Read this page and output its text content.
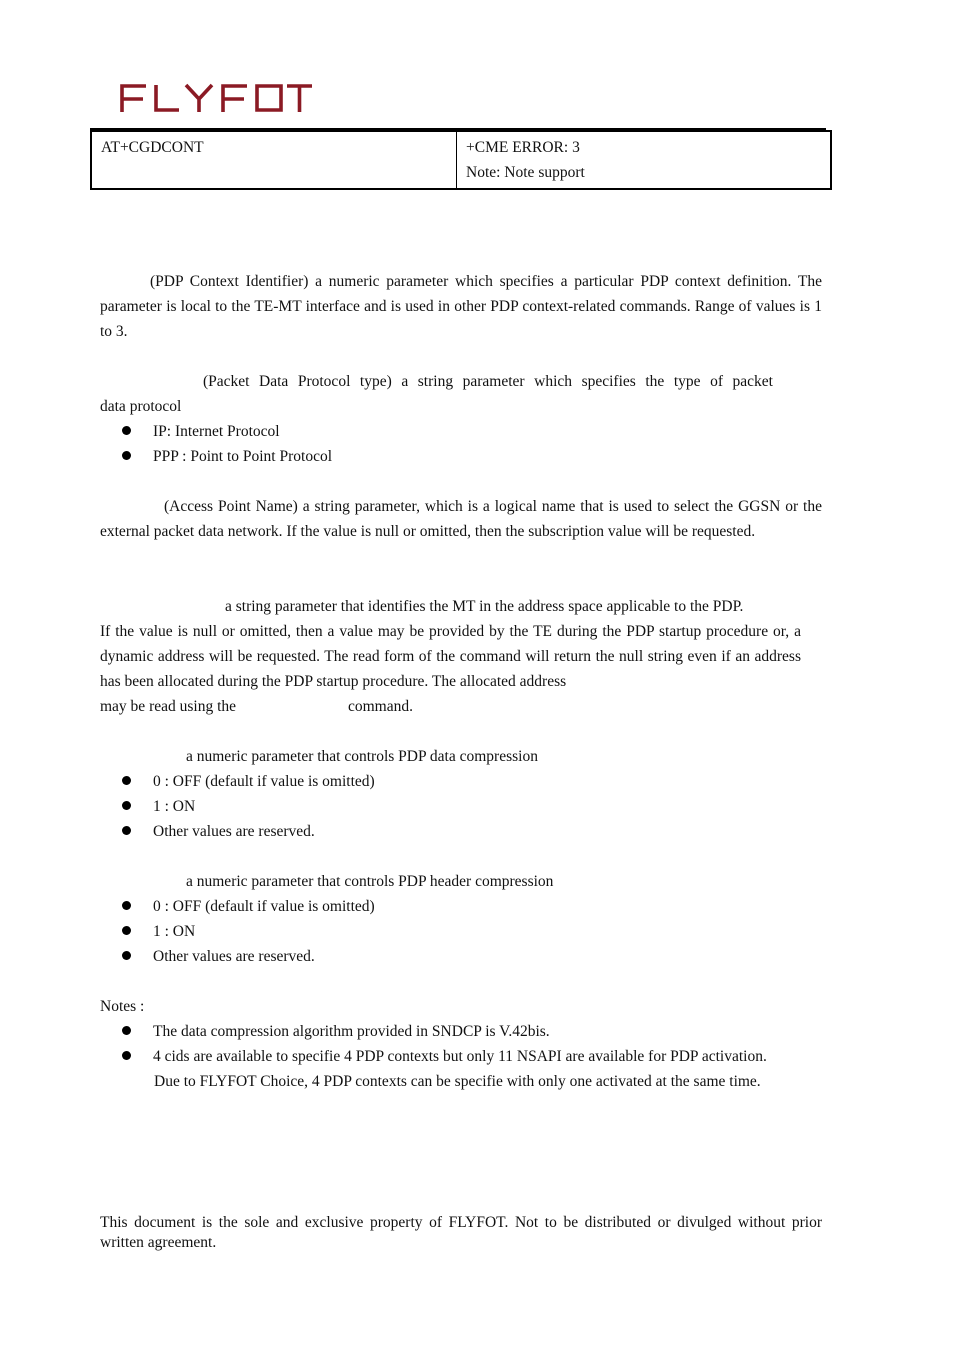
AT+CGDCONT	+CME ERROR: 3
Note: Note support

(PDP Context Identifier) a numeric parameter which specifies a particular PDP context definition. The parameter is local to the TE-MT interface and is used in other PDP context-related commands. Range of values is 1 to 3.

(Packet Data Protocol type) a string parameter which specifies the type of packet
data protocol
IP: Internet Protocol
PPP : Point to Point Protocol

(Access Point Name) a string parameter, which is a logical name that is used to select the GGSN or the external packet data network. If the value is null or omitted, then the subscription value will be requested.

a string parameter that identifies the MT in the address space applicable to the PDP.

If the value is null or omitted, then a value may be provided by the TE during the PDP startup procedure or, a dynamic address will be requested. The read form of the command will return the null string even if an address has been allocated during the PDP startup procedure. The allocated address

may be read using the	command.
a numeric parameter that controls PDP data compression
0 : OFF (default if value is omitted)
1 : ON
Other values are reserved.
a numeric parameter that controls PDP header compression
0 : OFF (default if value is omitted)
1 : ON
Other values are reserved.
Notes :
The data compression algorithm provided in SNDCP is V.42bis.
4 cids are available to specifie 4 PDP contexts but only 11 NSAPI are available for PDP activation.
Due to FLYFOT Choice, 4 PDP contexts can be specifie with only one activated at the same time.
This document is the sole and exclusive property of FLYFOT. Not to be distributed or divulged without prior written agreement.
